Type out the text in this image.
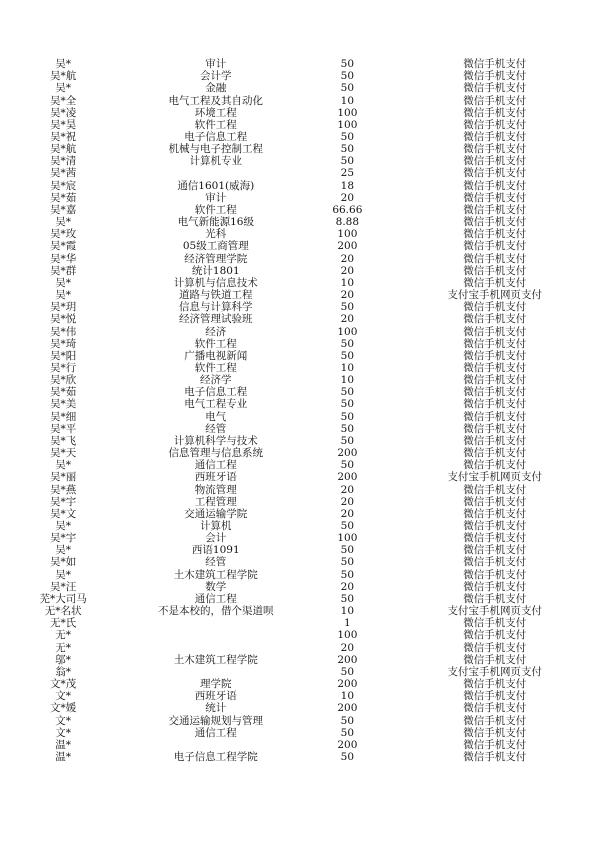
吴*	审计	50	微信手机支付
吴*航	会计学	50	微信手机支付
吴*	金融	50	微信手机支付
吴*全	电气工程及其自动化	10	微信手机支付
吴*凌	环境工程	100	微信手机支付
吴*昊	软件工程	100	微信手机支付
吴*祝	电子信息工程	50	微信手机支付
吴*航	机械与电子控制工程	50	微信手机支付
吴*清	计算机专业	50	微信手机支付
吴*茜		25	微信手机支付
吴*宸	通信1601(威海)	18	微信手机支付
吴*茹	审计	20	微信手机支付
吴*嘉	软件工程	66.66	微信手机支付
吴*	电气新能源16级	8.88	微信手机支付
吴*玫	光科	100	微信手机支付
吴*霞	05级工商管理	200	微信手机支付
吴*华	经济管理学院	20	微信手机支付
吴*群	统计1801	20	微信手机支付
吴*	计算机与信息技术	10	微信手机支付
吴*	道路与铁道工程	20	支付宝手机网页支付
吴*玥	信息与计算科学	50	微信手机支付
吴*悦	经济管理试验班	20	微信手机支付
吴*伟	经济	100	微信手机支付
吴*琦	软件工程	50	微信手机支付
吴*阳	广播电视新闻	50	微信手机支付
吴*行	软件工程	10	微信手机支付
吴*欣	经济学	10	微信手机支付
吴*茹	电子信息工程	50	微信手机支付
吴*美	电气工程专业	50	微信手机支付
吴*细	电气	50	微信手机支付
吴*平	经管	50	微信手机支付
吴*飞	计算机科学与技术	50	微信手机支付
吴*天	信息管理与信息系统	200	微信手机支付
吴*	通信工程	50	微信手机支付
吴*丽	西班牙语	200	支付宝手机网页支付
吴*燕	物流管理	20	微信手机支付
吴*宇	工程管理	20	微信手机支付
吴*文	交通运输学院	20	微信手机支付
吴*	计算机	50	微信手机支付
吴*宇	会计	100	微信手机支付
吴*	西语1091	50	微信手机支付
吴*如	经管	50	微信手机支付
吴*	土木建筑工程学院	50	微信手机支付
吴*汪	数学	20	微信手机支付
芜*大司马	通信工程	50	微信手机支付
无*名状	不是本校的，借个渠道呗	10	支付宝手机网页支付
无*氏		1	微信手机支付
无*		100	微信手机支付
无*		20	微信手机支付
邬*	土木建筑工程学院	200	微信手机支付
翁*		50	支付宝手机网页支付
文*茂	理学院	200	微信手机支付
文*	西班牙语	10	微信手机支付
文*媛	统计	200	微信手机支付
文*	交通运输规划与管理	50	微信手机支付
文*	通信工程	50	微信手机支付
温*		200	微信手机支付
温*	电子信息工程学院	50	微信手机支付
